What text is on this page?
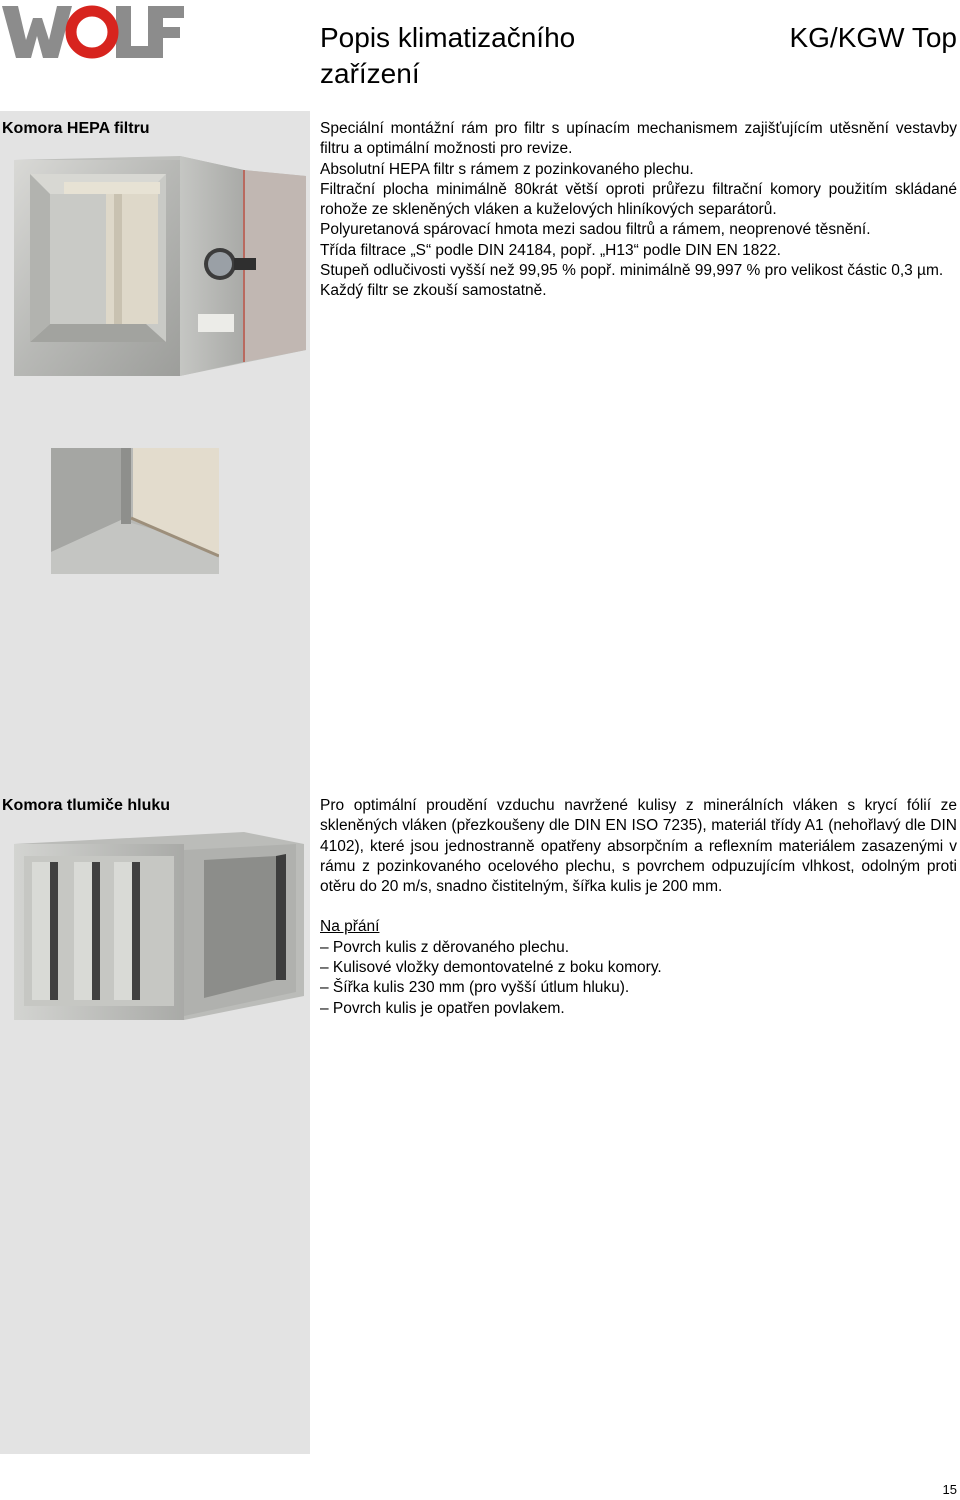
Popis klimatizačního zařízení
KG/KGW Top
Komora HEPA filtru	Speciální montážní rám pro filtr s upínacím mechanismem zajišťujícím utěsnění vestavby filtru a optimální možnosti pro revize.

Absolutní HEPA filtr s rámem z pozinkovaného plechu.

Filtrační plocha minimálně 80krát větší oproti průřezu filtrační komory použitím skládané rohože ze skleněných vláken a kuželových hliníkových separátorů.

Polyuretanová spárovací hmota mezi sadou filtrů a rámem, neoprenové těsnění.

Třída filtrace „S“ podle DIN 24184, popř. „H13“ podle DIN EN 1822.

Stupeň odlučivosti vyšší než 99,95 % popř. minimálně 99,997 % pro velikost částic 0,3 µm.

Každý filtr se zkouší samostatně.

Komora tlumiče hluku	Pro optimální proudění vzduchu navržené kulisy z minerálních vláken s krycí fólií ze skleněných vláken (přezkoušeny dle DIN EN ISO 7235), materiál třídy A1 (nehořlavý dle DIN 4102), které jsou jednostranně opatřeny absorpčním a reflexním materiálem zasazenými v rámu z pozinkovaného ocelového plechu, s povrchem odpuzujícím vlhkost, odolným proti otěru do 20 m/s, snadno čistitelným, šířka kulis je 200 mm.

Na přání

– Povrch kulis z děrovaného plechu.

– Kulisové vložky demontovatelné z boku komory.

– Šířka kulis 230 mm (pro vyšší útlum hluku).

– Povrch kulis je opatřen povlakem.

15
